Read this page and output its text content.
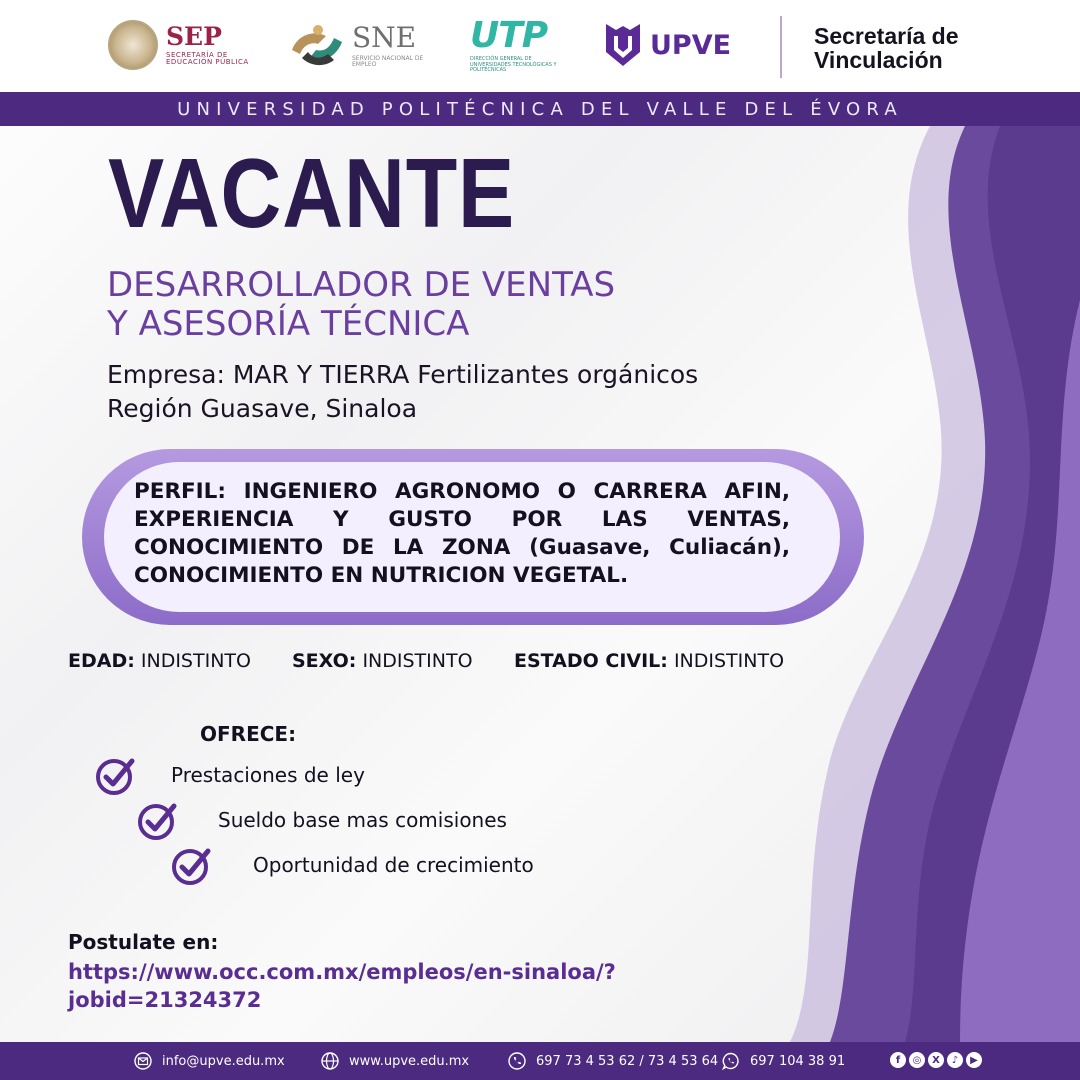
SEP
SECRETARÍA DE EDUCACIÓN PÚBLICA
SNE
SERVICIO NACIONAL DE EMPLEO
UTP
DIRECCIÓN GENERAL DE UNIVERSIDADES TECNOLÓGICAS Y POLITÉCNICAS
UPVE	Secretaría de
Vinculación
UNIVERSIDAD POLITÉCNICA DEL VALLE DEL ÉVORA
VACANTE
DESARROLLADOR DE VENTAS
Y ASESORÍA TÉCNICA
Empresa: MAR Y TIERRA Fertilizantes orgánicos
Región Guasave, Sinaloa
PERFIL: INGENIERO AGRONOMO O CARRERA AFIN, EXPERIENCIA Y GUSTO POR LAS VENTAS, CONOCIMIENTO DE LA ZONA (Guasave, Culiacán), CONOCIMIENTO EN NUTRICION VEGETAL.
EDAD: INDISTINTO SEXO: INDISTINTO ESTADO CIVIL: INDISTINTO
OFRECE:
Prestaciones de ley
Sueldo base mas comisiones
Oportunidad de crecimiento
Postulate en:
https://www.occ.com.mx/empleos/en-sinaloa/?
jobid=21324372
info@upve.edu.mx	www.upve.edu.mx	697 73 4 53 62 / 73 4 53 64 697 104 38 91	f	◎	X	♪	▶
